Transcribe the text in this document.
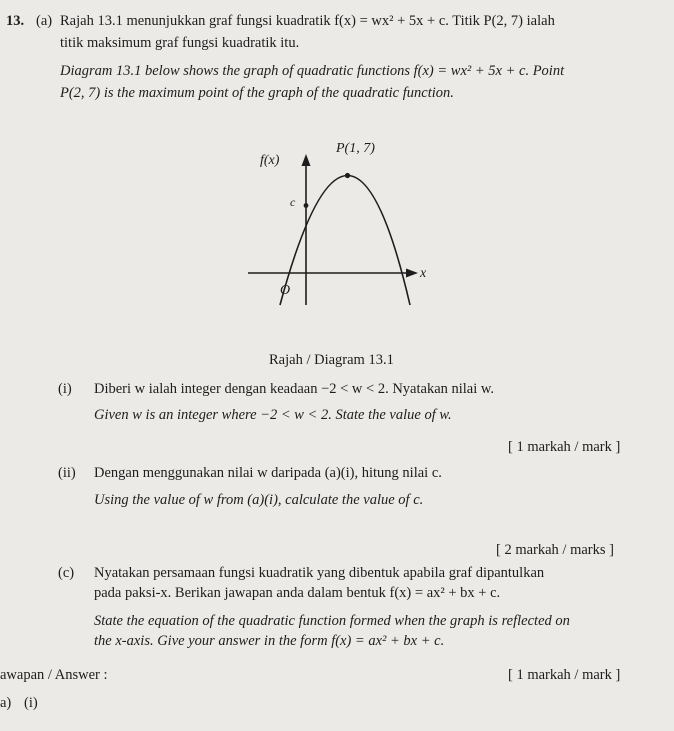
13. (a) Rajah 13.1 menunjukkan graf fungsi kuadratik f(x) = wx² + 5x + c. Titik P(2, 7) ialah
titik maksimum graf fungsi kuadratik itu.
Diagram 13.1 below shows the graph of quadratic functions f(x) = wx² + 5x + c. Point
P(2, 7) is the maximum point of the graph of the quadratic function.
f(x)
P(1, 7)
c
x
O
Rajah / Diagram 13.1
(i) Diberi w ialah integer dengan keadaan −2 < w < 2. Nyatakan nilai w.
Given w is an integer where −2 < w < 2. State the value of w.
[ 1 markah / mark ]
(ii) Dengan menggunakan nilai w daripada (a)(i), hitung nilai c.
Using the value of w from (a)(i), calculate the value of c.
[ 2 markah / marks ]
(c) Nyatakan persamaan fungsi kuadratik yang dibentuk apabila graf dipantulkan
pada paksi-x. Berikan jawapan anda dalam bentuk f(x) = ax² + bx + c.
State the equation of the quadratic function formed when the graph is reflected on
the x-axis. Give your answer in the form f(x) = ax² + bx + c.
awapan / Answer :	[ 1 markah / mark ]
a) (i)
